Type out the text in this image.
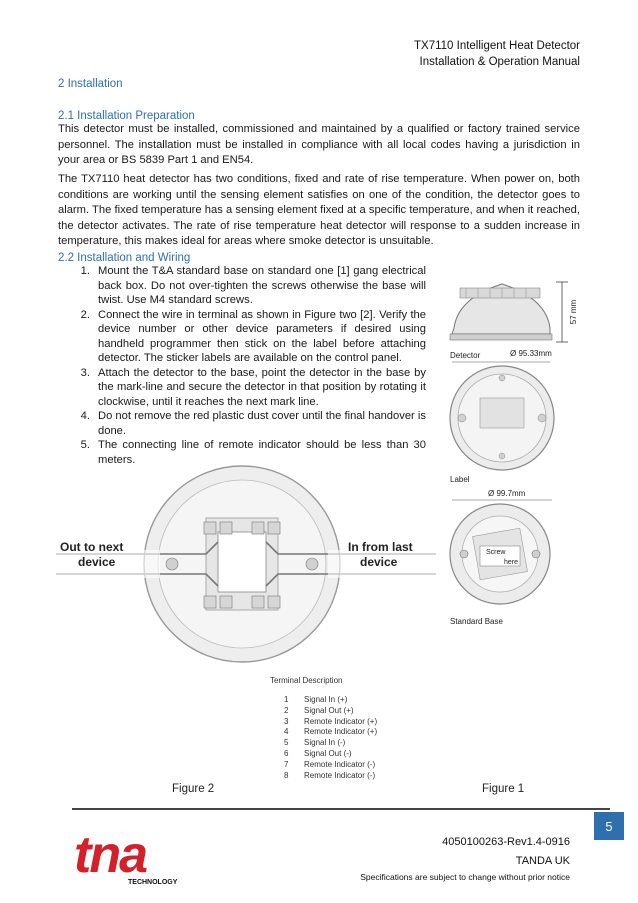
TX7110 Intelligent Heat Detector
Installation & Operation Manual
2 Installation
2.1 Installation Preparation
This detector must be installed, commissioned and maintained by a qualified or factory trained service personnel. The installation must be installed in compliance with all local codes having a jurisdiction in your area or BS 5839 Part 1 and EN54.
The TX7110 heat detector has two conditions, fixed and rate of rise temperature. When power on, both conditions are working until the sensing element satisfies on one of the condition, the detector goes to alarm. The fixed temperature has a sensing element fixed at a specific temperature, and when it reached, the detector activates. The rate of rise temperature heat detector will response to a sudden increase in temperature, this makes ideal for areas where smoke detector is unsuitable.
2.2 Installation and Wiring
1. Mount the T&A standard base on standard one [1] gang electrical back box. Do not over-tighten the screws otherwise the base will twist. Use M4 standard screws.
2. Connect the wire in terminal as shown in Figure two [2]. Verify the device number or other device parameters if desired using handheld programmer then stick on the label before attaching detector. The sticker labels are available on the control panel.
3. Attach the detector to the base, point the detector in the base by the mark-line and secure the detector in that position by rotating it clockwise, until it reaches the next mark line.
4. Do not remove the red plastic dust cover until the final handover is done.
5. The connecting line of remote indicator should be less than 30 meters.
57 mm
Detector	Ø 95.33mm
Label
Ø 99.7mm
Screw
here
Standard Base
Out to next
device
In from last
device
Terminal Description
1	Signal In (+)
2	Signal Out (+)
3	Remote Indicator (+)
4	Remote Indicator (+)
5	Signal In (-)
6	Signal Out (-)
7	Remote Indicator (-)
8	Remote Indicator (-)
Figure 2	Figure 1
5
tna
TECHNOLOGY
4050100263-Rev1.4-0916
TANDA UK
Specifications are subject to change without prior notice
